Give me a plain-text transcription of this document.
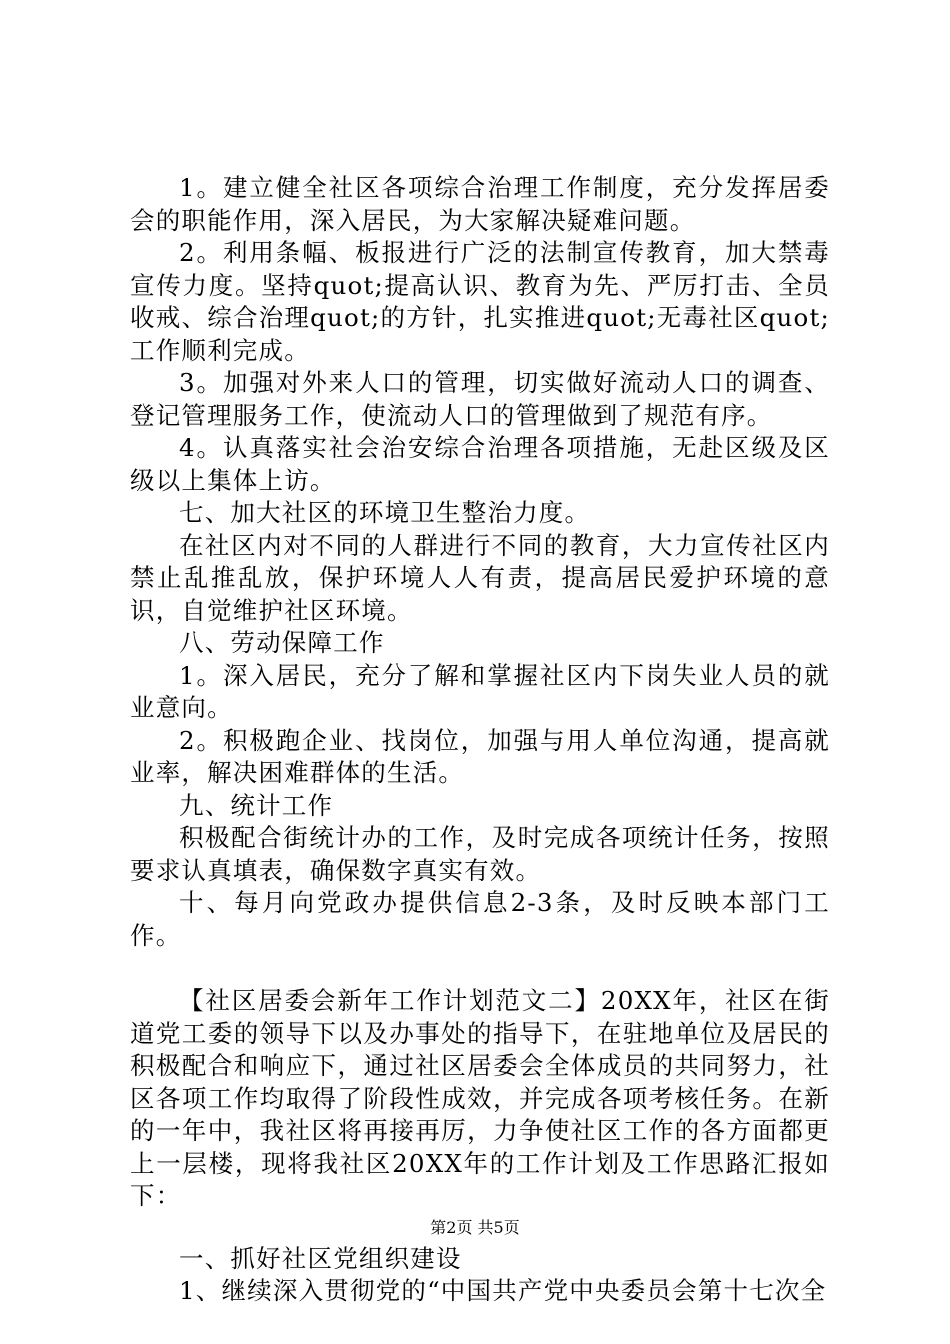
1。建立健全社区各项综合治理工作制度，充分发挥居委会的职能作用，深入居民，为大家解决疑难问题。

2。利用条幅、板报进行广泛的法制宣传教育，加大禁毒宣传力度。坚持quot;提高认识、教育为先、严厉打击、全员收戒、综合治理quot;的方针，扎实推进quot;无毒社区quot;工作顺利完成。

3。加强对外来人口的管理，切实做好流动人口的调查、登记管理服务工作，使流动人口的管理做到了规范有序。

4。认真落实社会治安综合治理各项措施，无赴区级及区级以上集体上访。

七、加大社区的环境卫生整治力度。

在社区内对不同的人群进行不同的教育，大力宣传社区内禁止乱推乱放，保护环境人人有责，提高居民爱护环境的意识，自觉维护社区环境。

八、劳动保障工作

1。深入居民，充分了解和掌握社区内下岗失业人员的就业意向。

2。积极跑企业、找岗位，加强与用人单位沟通，提高就业率，解决困难群体的生活。

九、统计工作

积极配合街统计办的工作，及时完成各项统计任务，按照要求认真填表，确保数字真实有效。

十、每月向党政办提供信息2-3条，及时反映本部门工作。

【社区居委会新年工作计划范文二】20XX年，社区在街道党工委的领导下以及办事处的指导下，在驻地单位及居民的积极配合和响应下，通过社区居委会全体成员的共同努力，社区各项工作均取得了阶段性成效，并完成各项考核任务。在新的一年中，我社区将再接再厉，力争使社区工作的各方面都更上一层楼，现将我社区20XX年的工作计划及工作思路汇报如下：

一、抓好社区党组织建设

1、继续深入贯彻党的“中国共产党中央委员会第十七次全

第2页 共5页
